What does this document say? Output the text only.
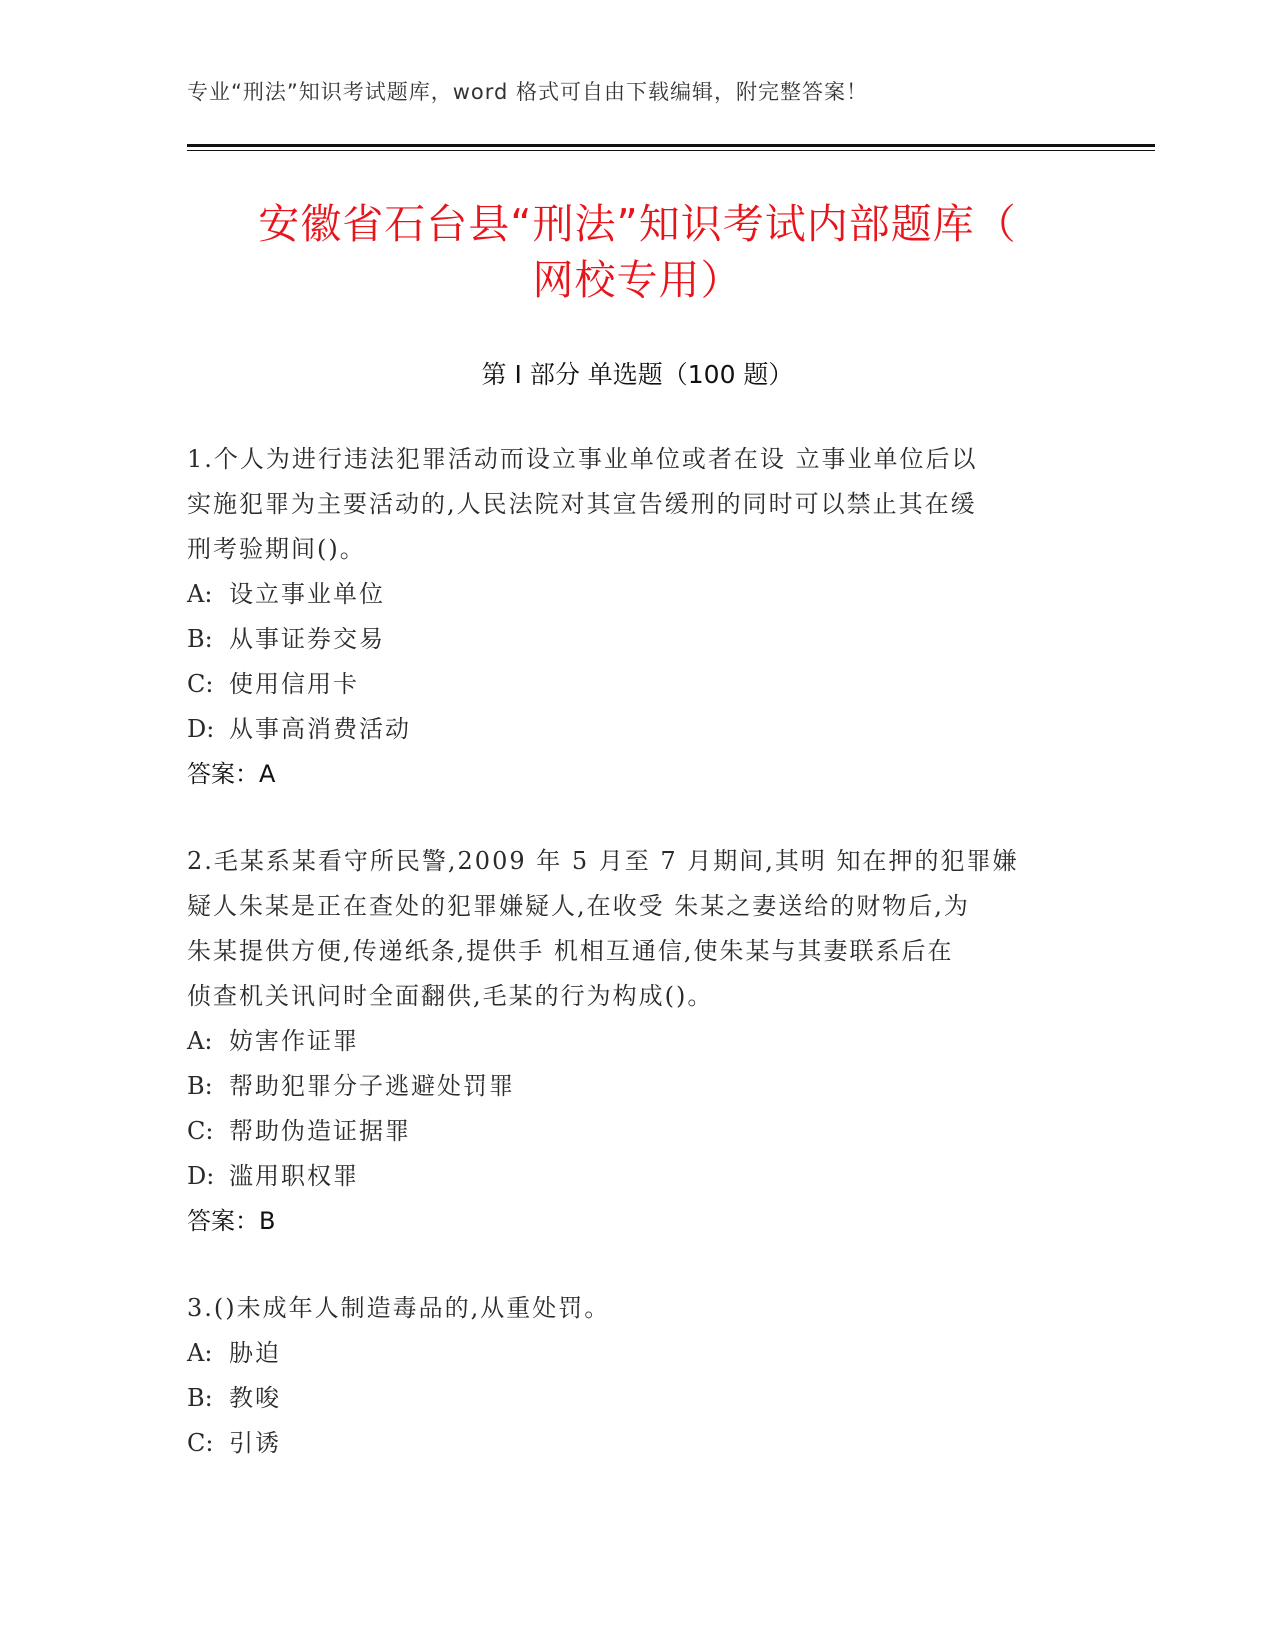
专业“刑法”知识考试题库，word 格式可自由下载编辑，附完整答案！
安徽省石台县“刑法”知识考试内部题库（
网校专用）
第 I 部分 单选题（100 题）
1.个人为进行违法犯罪活动而设立事业单位或者在设 立事业单位后以
实施犯罪为主要活动的,人民法院对其宣告缓刑的同时可以禁止其在缓
刑考验期间()。
A: 设立事业单位
B: 从事证券交易
C: 使用信用卡
D: 从事高消费活动
答案：A
2.毛某系某看守所民警,2009 年 5 月至 7 月期间,其明 知在押的犯罪嫌
疑人朱某是正在查处的犯罪嫌疑人,在收受 朱某之妻送给的财物后,为
朱某提供方便,传递纸条,提供手 机相互通信,使朱某与其妻联系后在
侦查机关讯问时全面翻供,毛某的行为构成()。
A: 妨害作证罪
B: 帮助犯罪分子逃避处罚罪
C: 帮助伪造证据罪
D: 滥用职权罪
答案：B
3.()未成年人制造毒品的,从重处罚。
A: 胁迫
B: 教唆
C: 引诱
